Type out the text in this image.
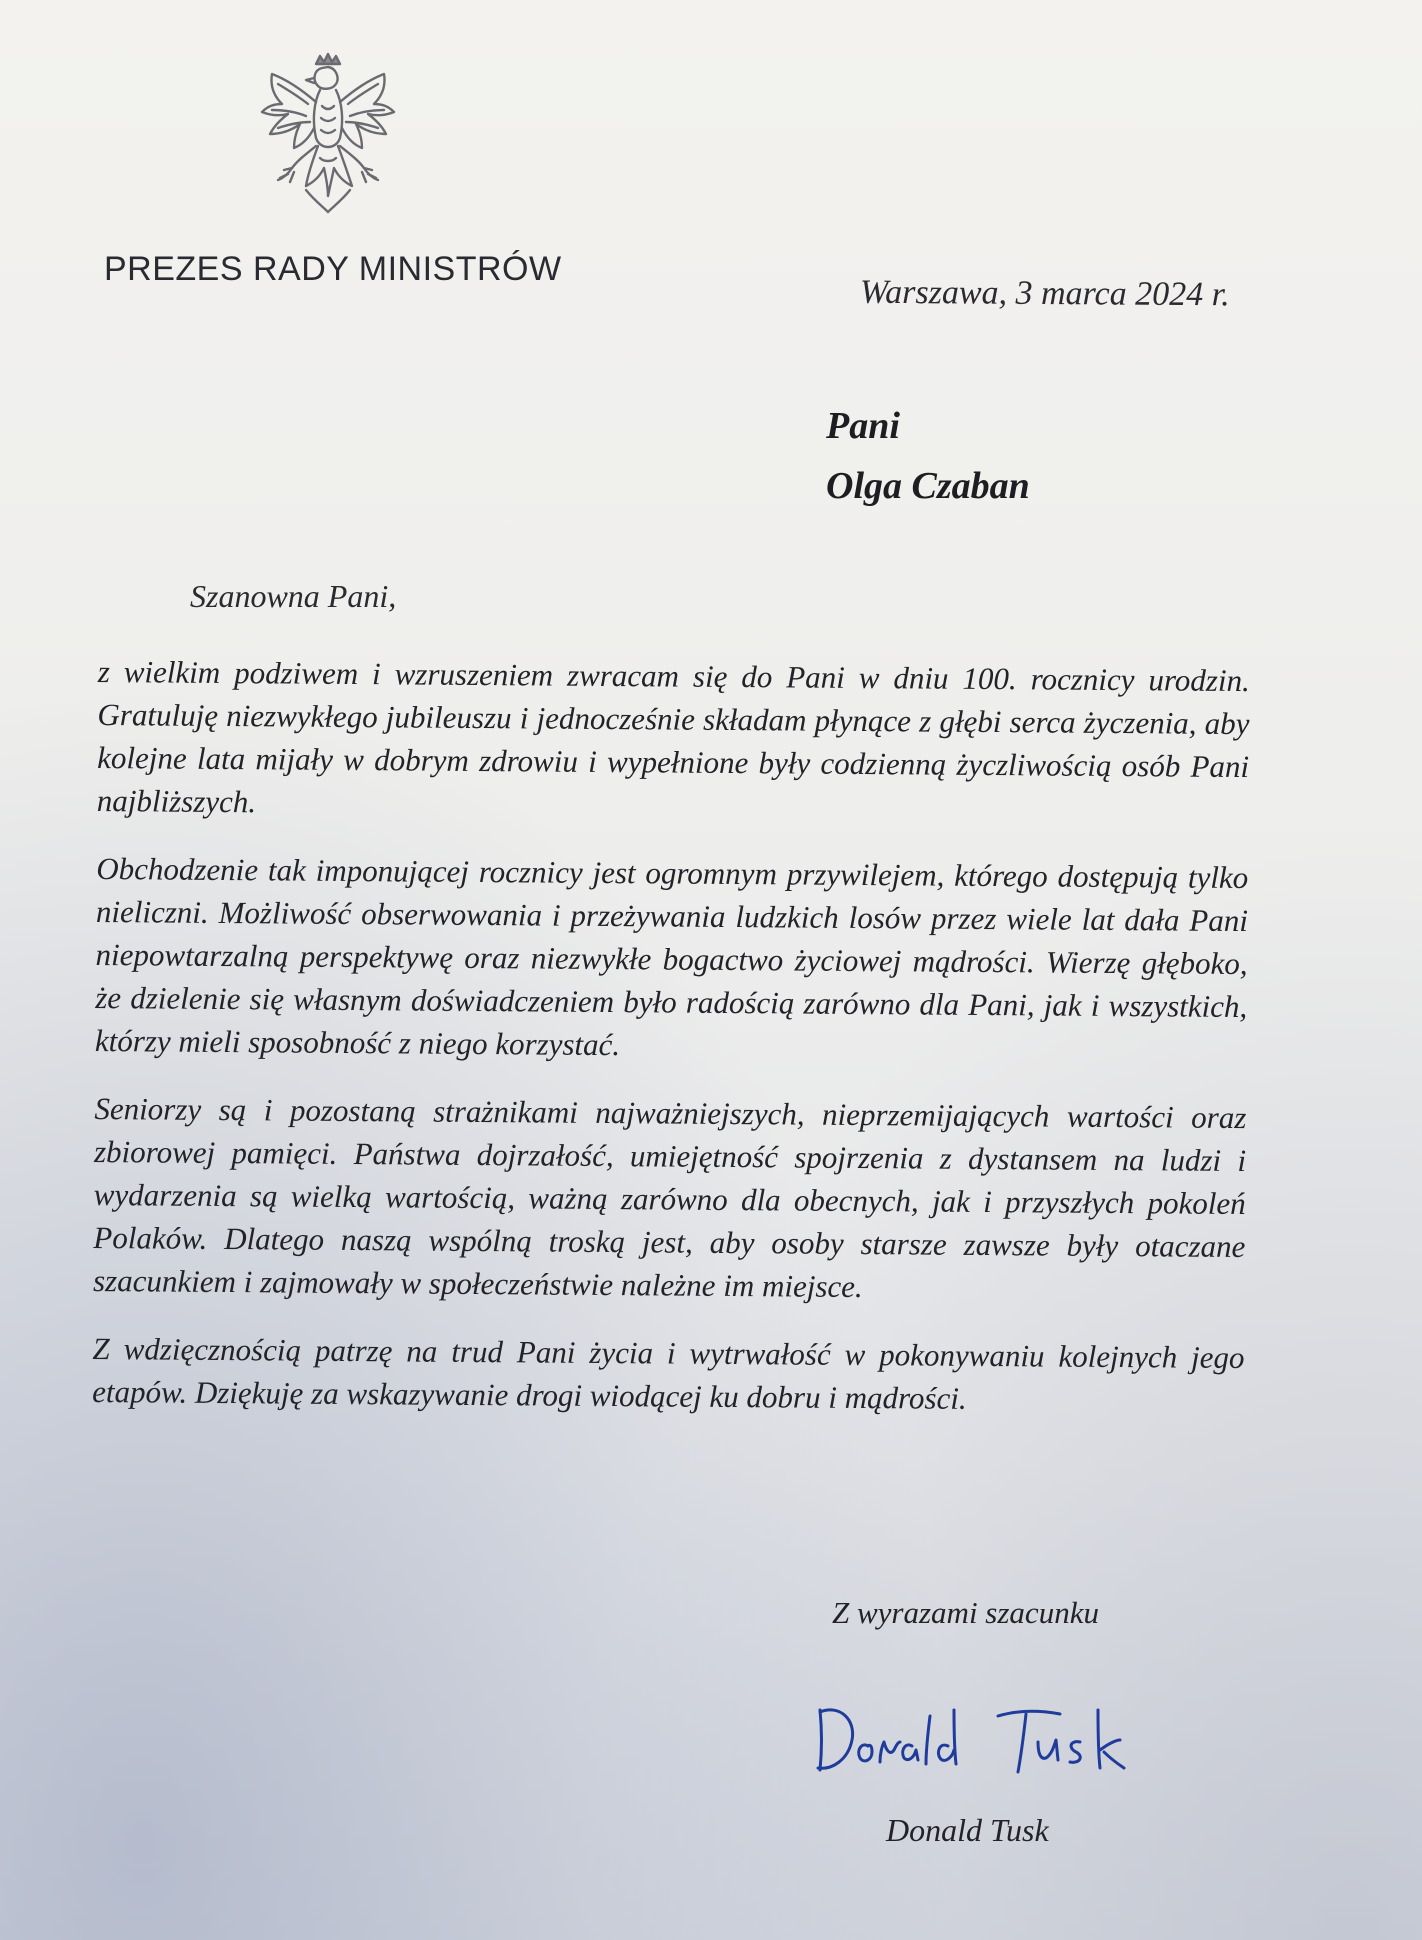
PREZES RADY MINISTRÓW

Warszawa, 3 marca 2024 r.

Pani
Olga Czaban

Szanowna Pani,

z wielkim podziwem i wzruszeniem zwracam się do Pani w dniu 100. rocznicy urodzin. Gratuluję niezwykłego jubileuszu i jednocześnie składam płynące z głębi serca życzenia, aby kolejne lata mijały w dobrym zdrowiu i wypełnione były codzienną życzliwością osób Pani najbliższych.

Obchodzenie tak imponującej rocznicy jest ogromnym przywilejem, którego dostępują tylko nieliczni. Możliwość obserwowania i przeżywania ludzkich losów przez wiele lat dała Pani niepowtarzalną perspektywę oraz niezwykłe bogactwo życiowej mądrości. Wierzę głęboko, że dzielenie się własnym doświadczeniem było radością zarówno dla Pani, jak i wszystkich, którzy mieli sposobność z niego korzystać.

Seniorzy są i pozostaną strażnikami najważniejszych, nieprzemijających wartości oraz zbiorowej pamięci. Państwa dojrzałość, umiejętność spojrzenia z dystansem na ludzi i wydarzenia są wielką wartością, ważną zarówno dla obecnych, jak i przyszłych pokoleń Polaków. Dlatego naszą wspólną troską jest, aby osoby starsze zawsze były otaczane szacunkiem i zajmowały w społeczeństwie należne im miejsce.

Z wdzięcznością patrzę na trud Pani życia i wytrwałość w pokonywaniu kolejnych jego etapów. Dziękuję za wskazywanie drogi wiodącej ku dobru i mądrości.

Z wyrazami szacunku

Donald Tusk
